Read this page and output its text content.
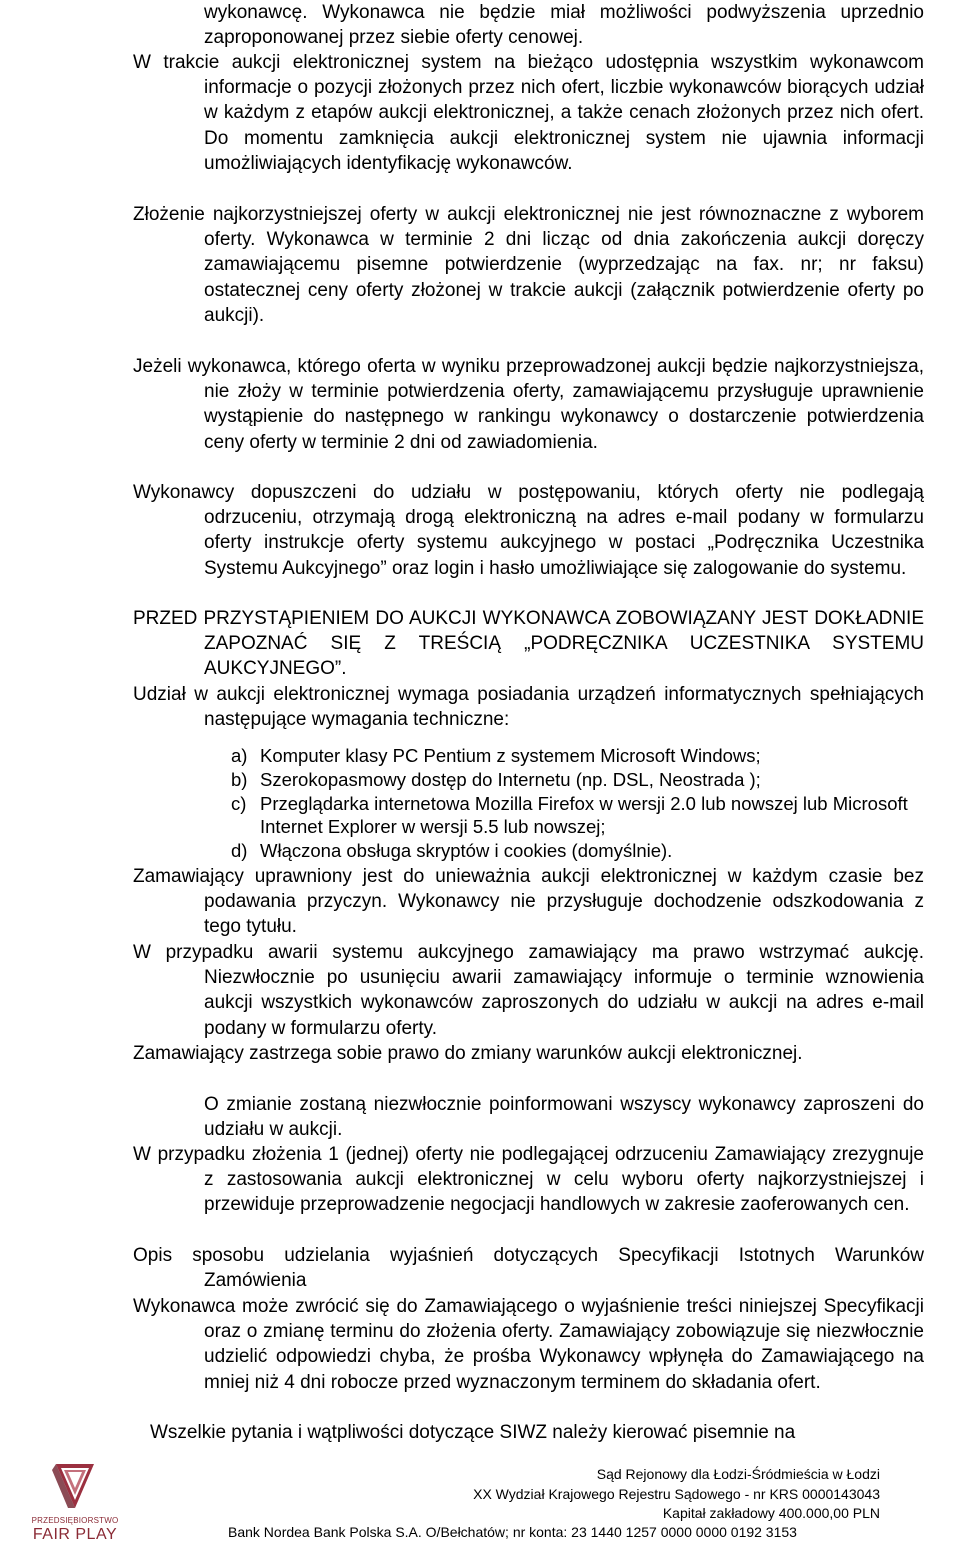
wykonawcę. Wykonawca nie będzie miał możliwości podwyższenia uprzednio zaproponowanej przez siebie oferty cenowej.
W trakcie aukcji elektronicznej system na bieżąco udostępnia wszystkim wykonawcom informacje o pozycji złożonych przez nich ofert, liczbie wykonawców biorących udział w każdym z etapów aukcji elektronicznej, a także cenach złożonych przez nich ofert. Do momentu zamknięcia aukcji elektronicznej system nie ujawnia informacji umożliwiających identyfikację wykonawców.
Złożenie najkorzystniejszej oferty w aukcji elektronicznej nie jest równoznaczne z wyborem oferty. Wykonawca w terminie 2 dni licząc od dnia zakończenia aukcji doręczy zamawiającemu pisemne potwierdzenie (wyprzedzając na fax. nr; nr faksu) ostatecznej ceny oferty złożonej w trakcie aukcji (załącznik potwierdzenie oferty po aukcji).
Jeżeli wykonawca, którego oferta w wyniku przeprowadzonej aukcji będzie najkorzystniejsza, nie złoży w terminie potwierdzenia oferty, zamawiającemu przysługuje uprawnienie wystąpienie do następnego w rankingu wykonawcy o dostarczenie potwierdzenia ceny oferty w terminie 2 dni od zawiadomienia.
Wykonawcy dopuszczeni do udziału w postępowaniu, których oferty nie podlegają odrzuceniu, otrzymają drogą elektroniczną na adres e-mail podany w formularzu oferty instrukcje oferty systemu aukcyjnego w postaci „Podręcznika Uczestnika Systemu Aukcyjnego” oraz login i hasło umożliwiające się zalogowanie do systemu.
PRZED PRZYSTĄPIENIEM DO AUKCJI WYKONAWCA ZOBOWIĄZANY JEST DOKŁADNIE ZAPOZNAĆ SIĘ Z TREŚCIĄ „PODRĘCZNIKA UCZESTNIKA SYSTEMU AUKCYJNEGO”.
Udział w aukcji elektronicznej wymaga posiadania urządzeń informatycznych spełniających następujące wymagania techniczne:
a) Komputer klasy PC Pentium z systemem Microsoft Windows;
b) Szerokopasmowy dostęp do Internetu (np. DSL, Neostrada );
c) Przeglądarka internetowa Mozilla Firefox w wersji 2.0 lub nowszej lub Microsoft Internet Explorer w wersji 5.5 lub nowszej;
d) Włączona obsługa skryptów i cookies (domyślnie).
Zamawiający uprawniony jest do unieważnia aukcji elektronicznej w każdym czasie bez podawania przyczyn. Wykonawcy nie przysługuje dochodzenie odszkodowania z tego tytułu.
W przypadku awarii systemu aukcyjnego zamawiający ma prawo wstrzymać aukcję. Niezwłocznie po usunięciu awarii zamawiający informuje o terminie wznowienia aukcji wszystkich wykonawców zaproszonych do udziału w aukcji na adres e-mail podany w formularzu oferty.
Zamawiający zastrzega sobie prawo do zmiany warunków aukcji elektronicznej.
O zmianie zostaną niezwłocznie poinformowani wszyscy wykonawcy zaproszeni do udziału w aukcji.
W przypadku złożenia 1 (jednej) oferty nie podlegającej odrzuceniu Zamawiający zrezygnuje z zastosowania aukcji elektronicznej w celu wyboru oferty najkorzystniejszej i przewiduje przeprowadzenie negocjacji handlowych w zakresie zaoferowanych cen.
Opis sposobu udzielania wyjaśnień dotyczących Specyfikacji Istotnych Warunków Zamówienia
Wykonawca może zwrócić się do Zamawiającego o wyjaśnienie treści niniejszej Specyfikacji oraz o zmianę terminu do złożenia oferty. Zamawiający zobowiązuje się niezwłocznie udzielić odpowiedzi chyba, że prośba Wykonawcy wpłynęła do Zamawiającego na mniej niż 4 dni robocze przed wyznaczonym terminem do składania ofert.
Wszelkie pytania i wątpliwości dotyczące SIWZ należy kierować pisemnie na
PRZEDSIĘBIORSTWO
FAIR PLAY
Sąd Rejonowy dla Łodzi-Śródmieścia w Łodzi
XX Wydział Krajowego Rejestru Sądowego - nr KRS 0000143043
Kapitał zakładowy 400.000,00 PLN
Bank Nordea Bank Polska S.A. O/Bełchatów; nr konta: 23 1440 1257 0000 0000 0192 3153
